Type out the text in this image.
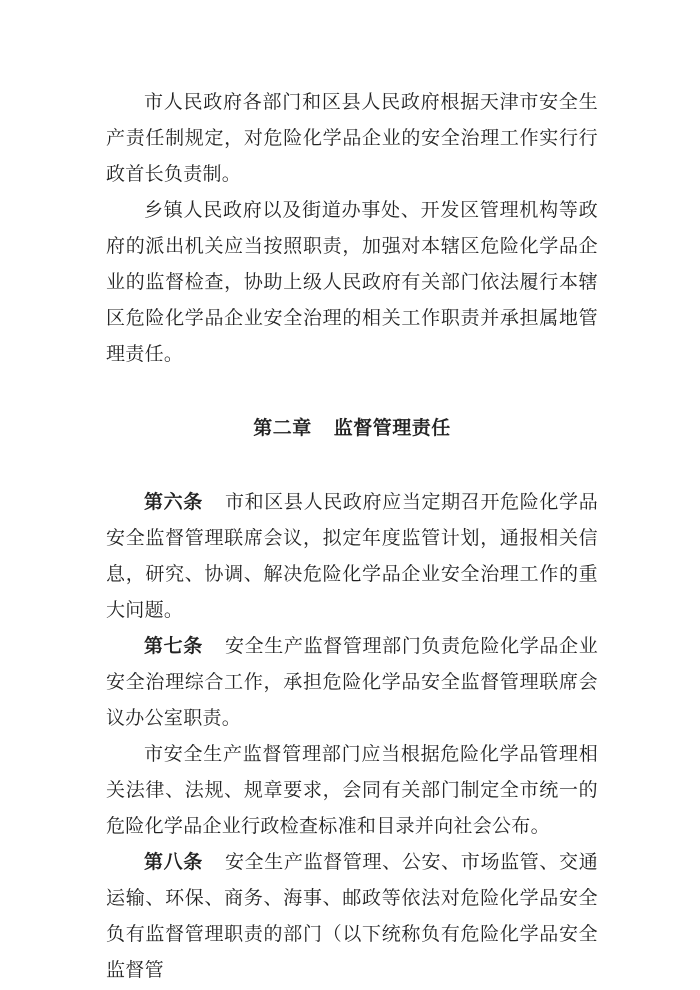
市人民政府各部门和区县人民政府根据天津市安全生产责任制规定，对危险化学品企业的安全治理工作实行行政首长负责制。

乡镇人民政府以及街道办事处、开发区管理机构等政府的派出机关应当按照职责，加强对本辖区危险化学品企业的监督检查，协助上级人民政府有关部门依法履行本辖区危险化学品企业安全治理的相关工作职责并承担属地管理责任。

第二章 监督管理责任

第六条 市和区县人民政府应当定期召开危险化学品安全监督管理联席会议，拟定年度监管计划，通报相关信息，研究、协调、解决危险化学品企业安全治理工作的重大问题。

第七条 安全生产监督管理部门负责危险化学品企业安全治理综合工作，承担危险化学品安全监督管理联席会议办公室职责。

市安全生产监督管理部门应当根据危险化学品管理相关法律、法规、规章要求，会同有关部门制定全市统一的危险化学品企业行政检查标准和目录并向社会公布。

第八条 安全生产监督管理、公安、市场监管、交通运输、环保、商务、海事、邮政等依法对危险化学品安全负有监督管理职责的部门（以下统称负有危险化学品安全监督管
